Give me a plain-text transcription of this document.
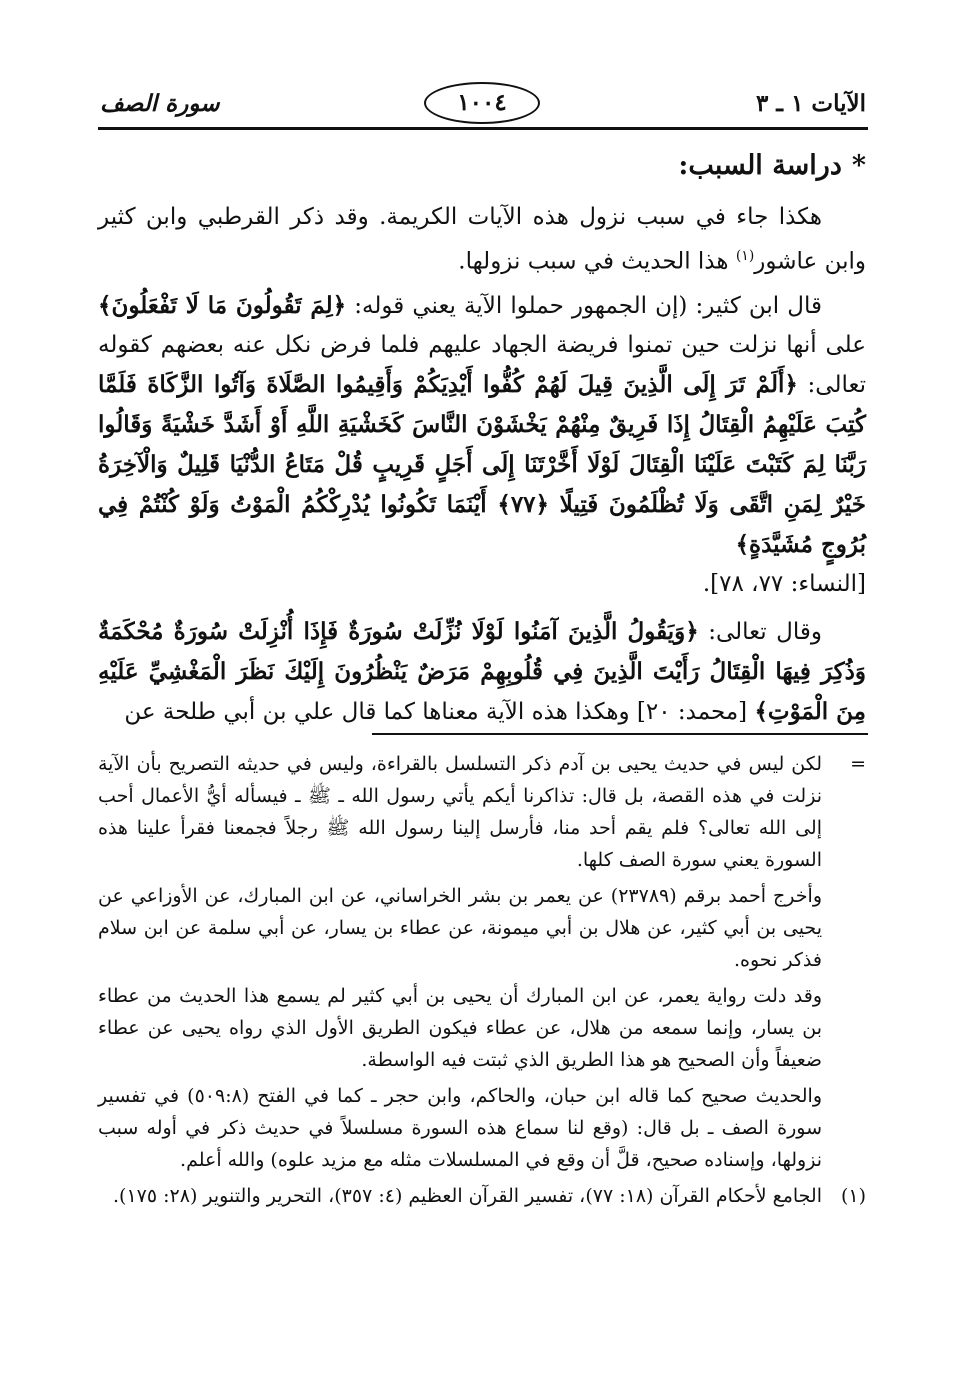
الآيات ١ ـ ٣
١٠٠٤
سورة الصف
*دراسة السبب:

هكذا جاء في سبب نزول هذه الآيات الكريمة. وقد ذكر القرطبي وابن كثير وابن عاشور$^{(١)}$ هذا الحديث في سبب نزولها.

قال ابن كثير: (إن الجمهور حملوا الآية يعني قوله: ﴿لِمَ تَقُولُونَ مَا لَا تَفْعَلُونَ﴾ على أنها نزلت حين تمنوا فريضة الجهاد عليهم فلما فرض نكل عنه بعضهم كقوله تعالى: ﴿أَلَمْ تَرَ إِلَى الَّذِينَ قِيلَ لَهُمْ كُفُّوا أَيْدِيَكُمْ وَأَقِيمُوا الصَّلَاةَ وَآتُوا الزَّكَاةَ فَلَمَّا كُتِبَ عَلَيْهِمُ الْقِتَالُ إِذَا فَرِيقٌ مِنْهُمْ يَخْشَوْنَ النَّاسَ كَخَشْيَةِ اللَّهِ أَوْ أَشَدَّ خَشْيَةً وَقَالُوا رَبَّنَا لِمَ كَتَبْتَ عَلَيْنَا الْقِتَالَ لَوْلَا أَخَّرْتَنَا إِلَى أَجَلٍ قَرِيبٍ قُلْ مَتَاعُ الدُّنْيَا قَلِيلٌ وَالْآخِرَةُ خَيْرٌ لِمَنِ اتَّقَى وَلَا تُظْلَمُونَ فَتِيلًا ﴿٧٧﴾ أَيْنَمَا تَكُونُوا يُدْرِكْكُمُ الْمَوْتُ وَلَوْ كُنْتُمْ فِي بُرُوجٍ مُشَيَّدَةٍ﴾

[النساء: ٧٧، ٧٨].

وقال تعالى: ﴿وَيَقُولُ الَّذِينَ آمَنُوا لَوْلَا نُزِّلَتْ سُورَةٌ فَإِذَا أُنْزِلَتْ سُورَةٌ مُحْكَمَةٌ وَذُكِرَ فِيهَا الْقِتَالُ رَأَيْتَ الَّذِينَ فِي قُلُوبِهِمْ مَرَضٌ يَنْظُرُونَ إِلَيْكَ نَظَرَ الْمَغْشِيِّ عَلَيْهِ مِنَ الْمَوْتِ﴾ [محمد: ٢٠] وهكذا هذه الآية معناها كما قال علي بن أبي طلحة عن

=

لكن ليس في حديث يحيى بن آدم ذكر التسلسل بالقراءة، وليس في حديثه التصريح بأن الآية نزلت في هذه القصة، بل قال: تذاكرنا أيكم يأتي رسول الله ـ ﷺ ـ فيسأله أيُّ الأعمال أحب إلى الله تعالى؟ فلم يقم أحد منا، فأرسل إلينا رسول الله ﷺ رجلاً فجمعنا فقرأ علينا هذه السورة يعني سورة الصف كلها.

وأخرج أحمد برقم (٢٣٧٨٩) عن يعمر بن بشر الخراساني، عن ابن المبارك، عن الأوزاعي عن يحيى بن أبي كثير، عن هلال بن أبي ميمونة، عن عطاء بن يسار، عن أبي سلمة عن ابن سلام فذكر نحوه.

وقد دلت رواية يعمر، عن ابن المبارك أن يحيى بن أبي كثير لم يسمع هذا الحديث من عطاء بن يسار، وإنما سمعه من هلال، عن عطاء فيكون الطريق الأول الذي رواه يحيى عن عطاء ضعيفاً وأن الصحيح هو هذا الطريق الذي ثبتت فيه الواسطة.

والحديث صحيح كما قاله ابن حبان، والحاكم، وابن حجر ـ كما في الفتح (٥٠٩:٨) في تفسير سورة الصف ـ بل قال: (وقع لنا سماع هذه السورة مسلسلاً في حديث ذكر في أوله سبب نزولها، وإسناده صحيح، قلَّ أن وقع في المسلسلات مثله مع مزيد علوه) والله أعلم.

(١)

الجامع لأحكام القرآن (١٨: ٧٧)، تفسير القرآن العظيم (٤: ٣٥٧)، التحرير والتنوير (٢٨: ١٧٥).
